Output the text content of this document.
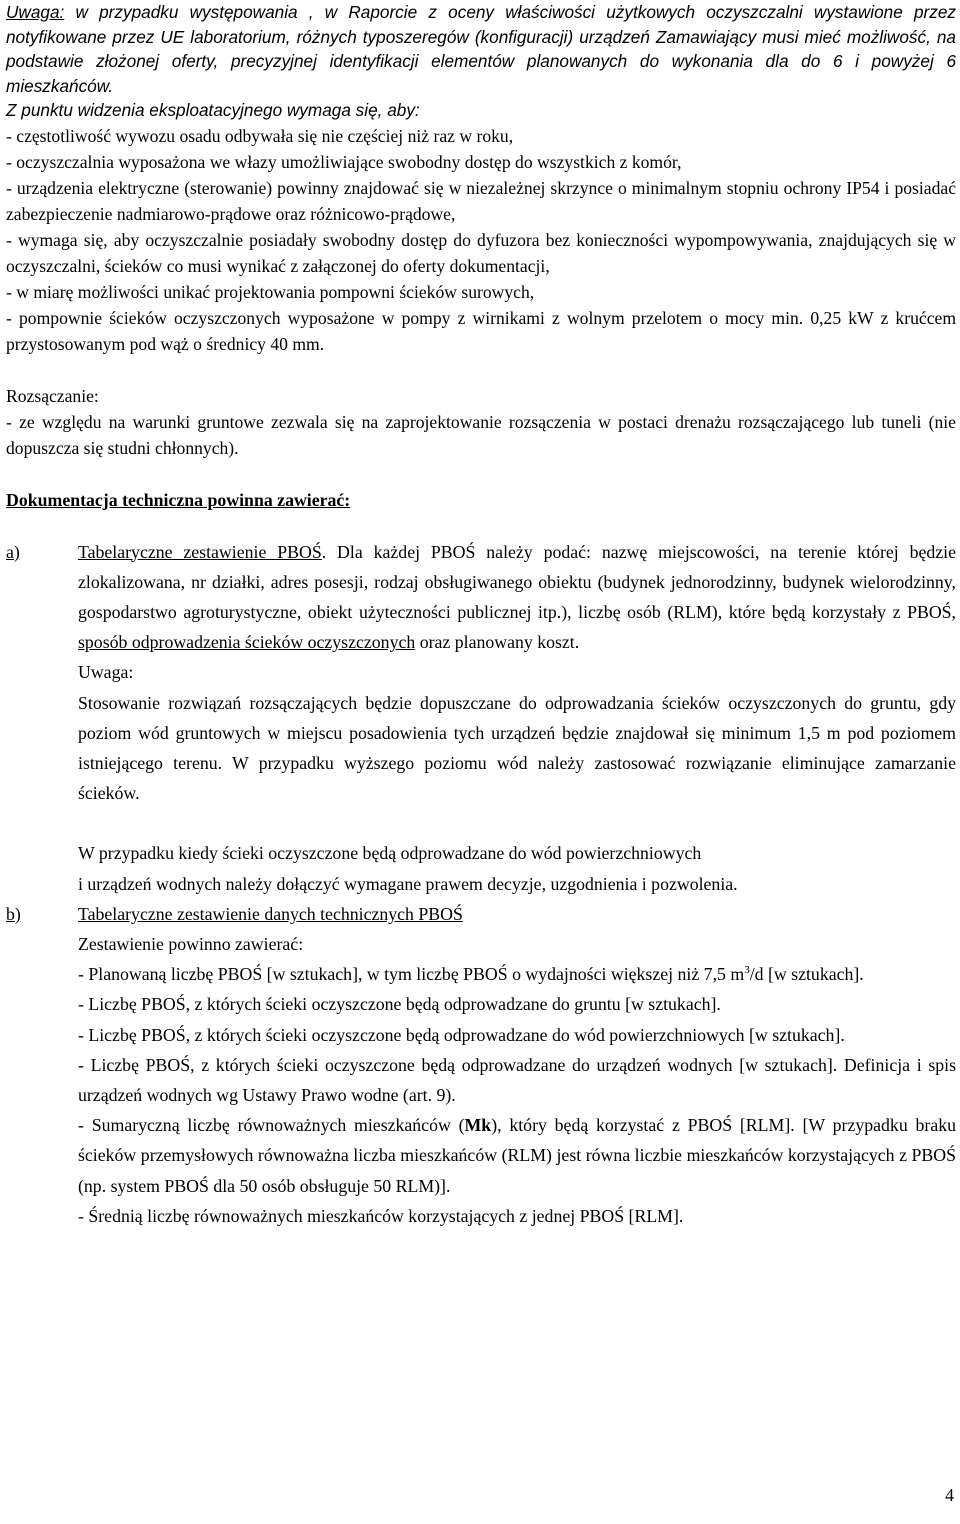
Uwaga: w przypadku występowania , w Raporcie z oceny właściwości użytkowych oczyszczalni wystawione przez notyfikowane przez UE laboratorium, różnych typoszeregów (konfiguracji) urządzeń Zamawiający musi mieć możliwość, na podstawie złożonej oferty, precyzyjnej identyfikacji elementów planowanych do wykonania dla do 6 i powyżej 6 mieszkańców.

Z punktu widzenia eksploatacyjnego wymaga się, aby:

- częstotliwość wywozu osadu odbywała się nie częściej niż raz w roku,

- oczyszczalnia wyposażona we włazy umożliwiające swobodny dostęp do wszystkich z komór,

- urządzenia elektryczne (sterowanie) powinny znajdować się w niezależnej skrzynce o minimalnym stopniu ochrony IP54 i posiadać zabezpieczenie nadmiarowo-prądowe oraz różnicowo-prądowe,

- wymaga się, aby oczyszczalnie posiadały swobodny dostęp do dyfuzora bez konieczności wypompowywania, znajdujących się w oczyszczalni, ścieków co musi wynikać z załączonej do oferty dokumentacji,

- w miarę możliwości unikać projektowania pompowni ścieków surowych,

- pompownie ścieków oczyszczonych wyposażone w pompy z wirnikami z wolnym przelotem o mocy min. 0,25 kW z krućcem przystosowanym pod wąż o średnicy 40 mm.

Rozsączanie:

- ze względu na warunki gruntowe zezwala się na zaprojektowanie rozsączenia w postaci drenażu rozsączającego lub tuneli (nie dopuszcza się studni chłonnych).

Dokumentacja techniczna powinna zawierać:

a)	Tabelaryczne zestawienie PBOŚ. Dla każdej PBOŚ należy podać: nazwę miejscowości, na terenie której będzie zlokalizowana, nr działki, adres posesji, rodzaj obsługiwanego obiektu (budynek jednorodzinny, budynek wielorodzinny, gospodarstwo agroturystyczne, obiekt użyteczności publicznej itp.), liczbę osób (RLM), które będą korzystały z PBOŚ, sposób odprowadzenia ścieków oczyszczonych oraz planowany koszt.

Uwaga:

Stosowanie rozwiązań rozsączających będzie dopuszczane do odprowadzania ścieków oczyszczonych do gruntu, gdy poziom wód gruntowych w miejscu posadowienia tych urządzeń będzie znajdował się minimum 1,5 m pod poziomem istniejącego terenu. W przypadku wyższego poziomu wód należy zastosować rozwiązanie eliminujące zamarzanie ścieków.

W przypadku kiedy ścieki oczyszczone będą odprowadzane do wód powierzchniowych

i urządzeń wodnych należy dołączyć wymagane prawem decyzje, uzgodnienia i pozwolenia.

b)	Tabelaryczne zestawienie danych technicznych PBOŚ

Zestawienie powinno zawierać:

- Planowaną liczbę PBOŚ [w sztukach], w tym liczbę PBOŚ o wydajności większej niż 7,5 $m^3/d$ [w sztukach].

- Liczbę PBOŚ, z których ścieki oczyszczone będą odprowadzane do gruntu [w sztukach].

- Liczbę PBOŚ, z których ścieki oczyszczone będą odprowadzane do wód powierzchniowych [w sztukach].

- Liczbę PBOŚ, z których ścieki oczyszczone będą odprowadzane do urządzeń wodnych [w sztukach]. Definicja i spis urządzeń wodnych wg Ustawy Prawo wodne (art. 9).

- Sumaryczną liczbę równoważnych mieszkańców (Mk), który będą korzystać z PBOŚ [RLM]. [W przypadku braku ścieków przemysłowych równoważna liczba mieszkańców (RLM) jest równa liczbie mieszkańców korzystających z PBOŚ (np. system PBOŚ dla 50 osób obsługuje 50 RLM)].

- Średnią liczbę równoważnych mieszkańców korzystających z jednej PBOŚ [RLM].

4
